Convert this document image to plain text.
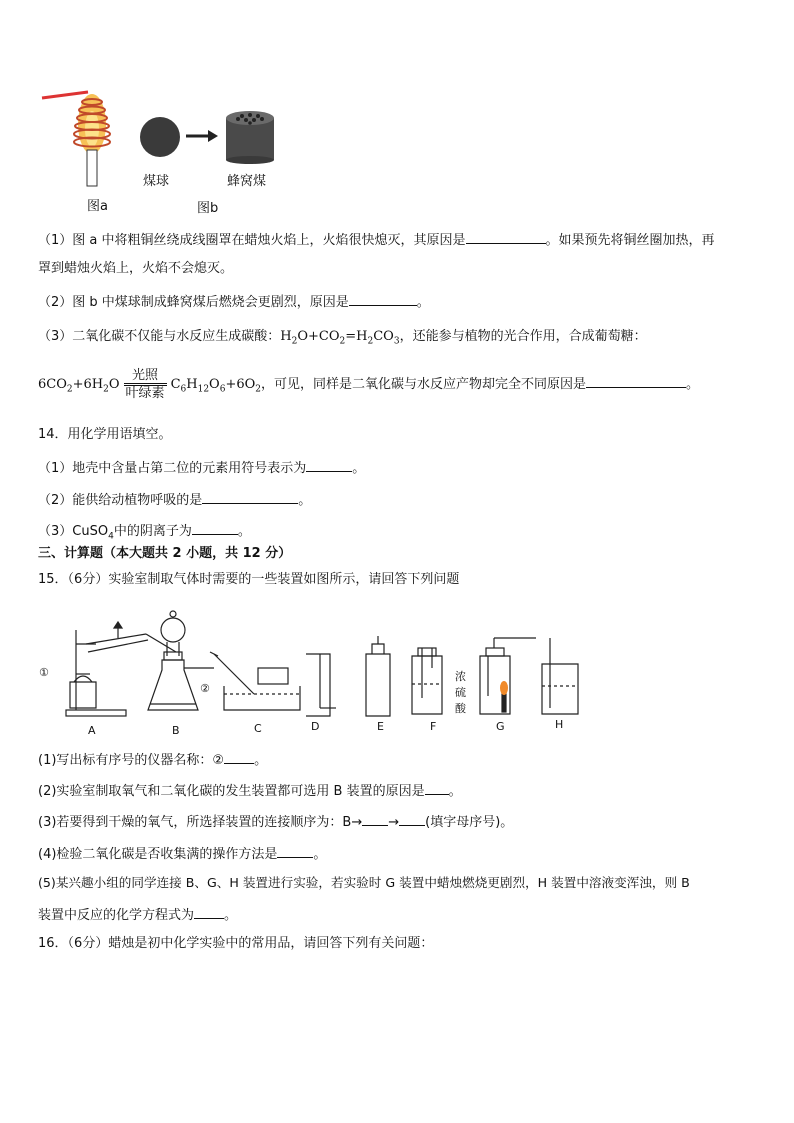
煤球	蜂窝煤
图a	图b
（1）图 a 中将粗铜丝绕成线圈罩在蜡烛火焰上，火焰很快熄灭，其原因是	。如果预先将铜丝圈加热，再
罩到蜡烛火焰上，火焰不会熄灭。
（2）图 b 中煤球制成蜂窝煤后燃烧会更剧烈，原因是	。
（3）二氧化碳不仅能与水反应生成碳酸：$H_2O+CO_2=H_2CO_3$，还能参与植物的光合作用，合成葡萄糖：
$6CO_2+6H_2O \frac{\text{光照}}{\text{叶绿素}} C_6H_{12}O_6+6O_2$，可见，同样是二氧化碳与水反应产物却完全不同原因是	。
14．用化学用语填空。
（1）地壳中含量占第二位的元素用符号表示为	。
（2）能供给动植物呼吸的是	。
（3）CuSO$_4$中的阴离子为	。
三、计算题（本大题共 2 小题，共 12 分）
15．（6分）实验室制取气体时需要的一些装置如图所示，请回答下列问题
①
②
浓
硫
酸
A	B	C	D	E	F	G	H
(1)写出标有序号的仪器名称：② 。
(2)实验室制取氧气和二氧化碳的发生装置都可选用 B 装置的原因是 。
(3)若要得到干燥的氧气，所选择装置的连接顺序为：B→ → (填字母序号)。
(4)检验二氧化碳是否收集满的操作方法是	。
(5)某兴趣小组的同学连接 B、G、H 装置进行实验，若实验时 G 装置中蜡烛燃烧更剧烈，H 装置中溶液变浑浊，则 B
装置中反应的化学方程式为 。
16．（6分）蜡烛是初中化学实验中的常用品，请回答下列有关问题：
